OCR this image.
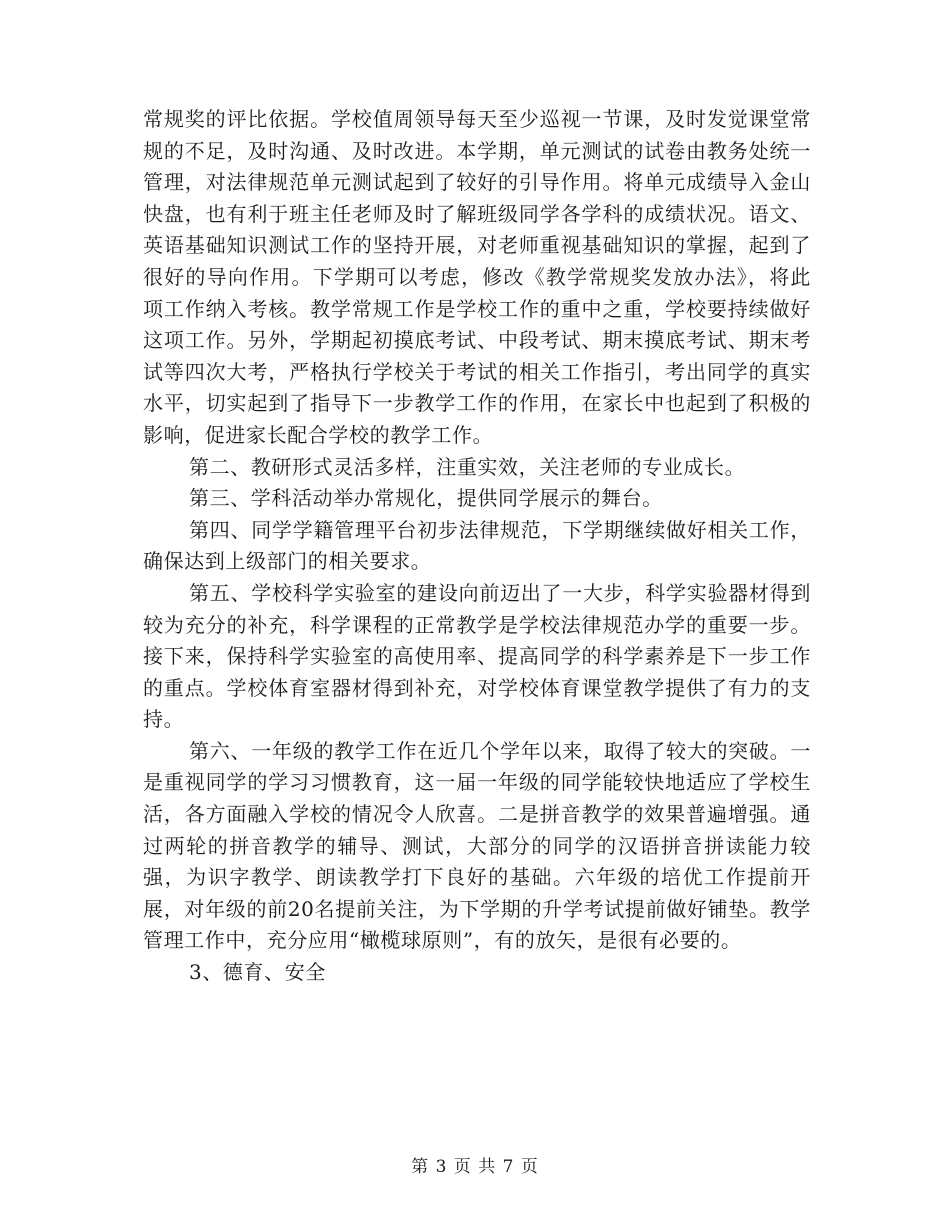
常规奖的评比依据。学校值周领导每天至少巡视一节课，及时发觉课堂常规的不足，及时沟通、及时改进。本学期，单元测试的试卷由教务处统一管理，对法律规范单元测试起到了较好的引导作用。将单元成绩导入金山快盘，也有利于班主任老师及时了解班级同学各学科的成绩状况。语文、英语基础知识测试工作的坚持开展，对老师重视基础知识的掌握，起到了很好的导向作用。下学期可以考虑，修改《教学常规奖发放办法》，将此项工作纳入考核。教学常规工作是学校工作的重中之重，学校要持续做好这项工作。另外，学期起初摸底考试、中段考试、期末摸底考试、期末考试等四次大考，严格执行学校关于考试的相关工作指引，考出同学的真实水平，切实起到了指导下一步教学工作的作用，在家长中也起到了积极的影响，促进家长配合学校的教学工作。

第二、教研形式灵活多样，注重实效，关注老师的专业成长。

第三、学科活动举办常规化，提供同学展示的舞台。

第四、同学学籍管理平台初步法律规范，下学期继续做好相关工作，确保达到上级部门的相关要求。

第五、学校科学实验室的建设向前迈出了一大步，科学实验器材得到较为充分的补充，科学课程的正常教学是学校法律规范办学的重要一步。接下来，保持科学实验室的高使用率、提高同学的科学素养是下一步工作的重点。学校体育室器材得到补充，对学校体育课堂教学提供了有力的支持。

第六、一年级的教学工作在近几个学年以来，取得了较大的突破。一是重视同学的学习习惯教育，这一届一年级的同学能较快地适应了学校生活，各方面融入学校的情况令人欣喜。二是拼音教学的效果普遍增强。通过两轮的拼音教学的辅导、测试，大部分的同学的汉语拼音拼读能力较强，为识字教学、朗读教学打下良好的基础。六年级的培优工作提前开展，对年级的前20名提前关注，为下学期的升学考试提前做好铺垫。教学管理工作中，充分应用“橄榄球原则”，有的放矢，是很有必要的。

3、德育、安全

第 3 页 共 7 页
